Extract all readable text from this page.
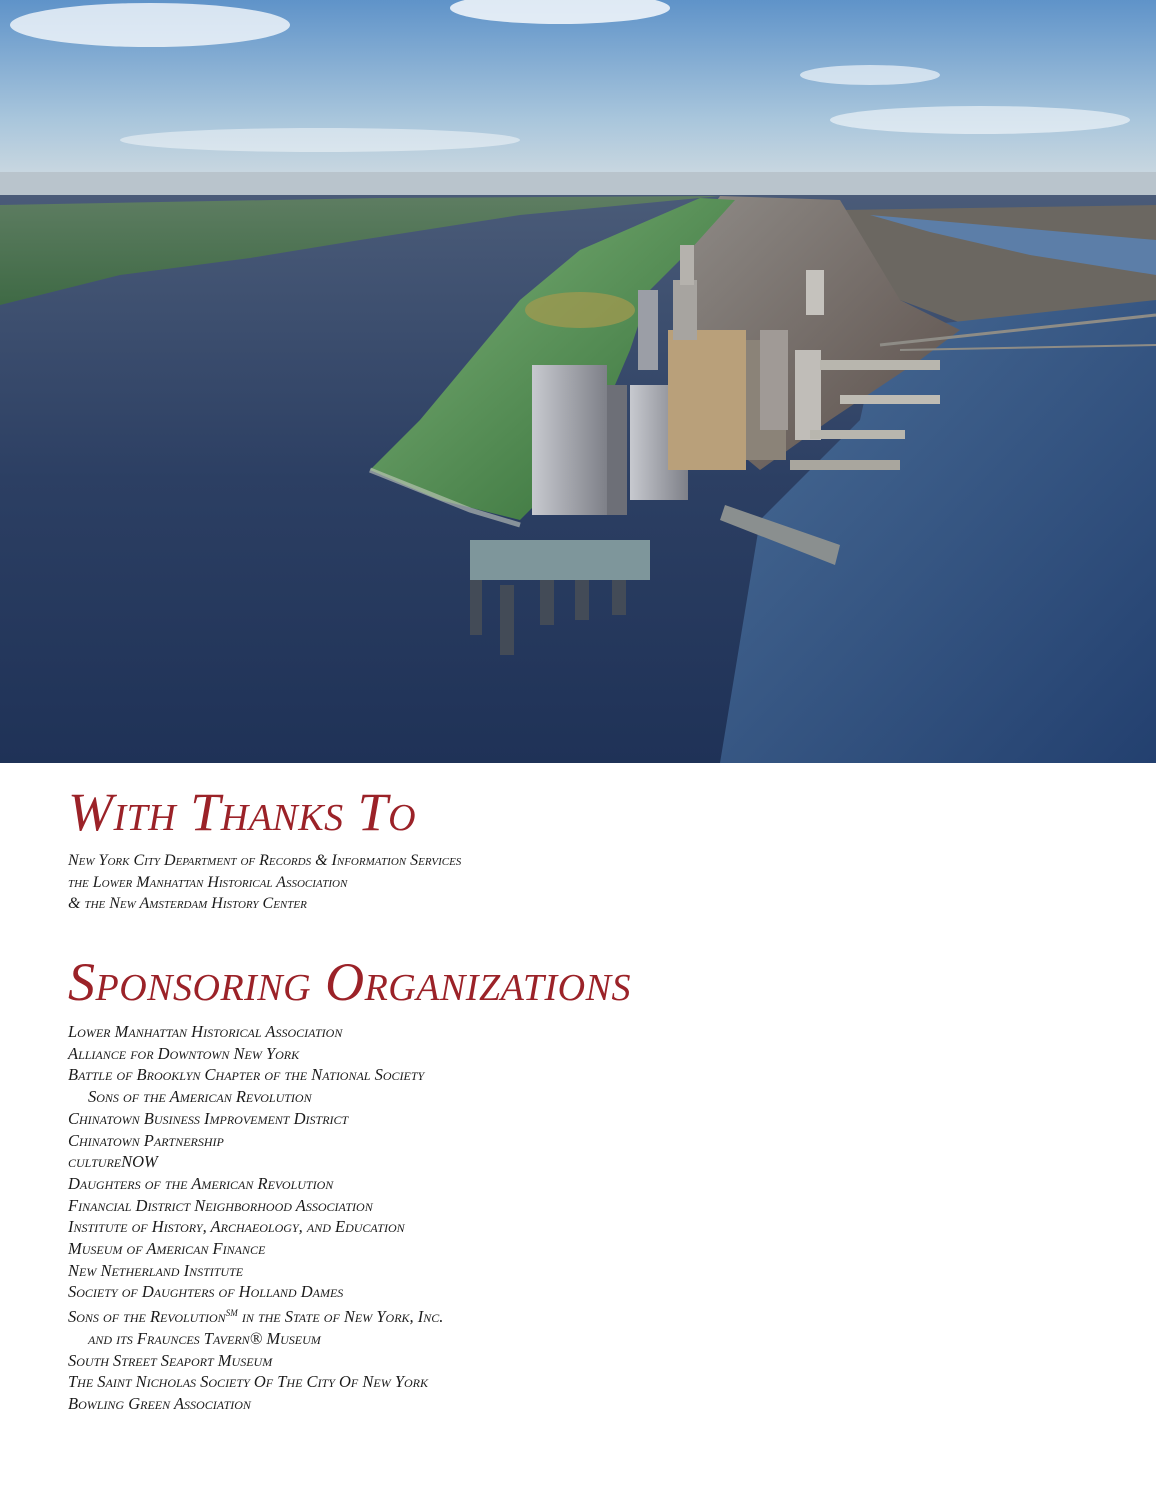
With Thanks To
New York City Department of Records & Information Services
the Lower Manhattan Historical Association
& the New Amsterdam History Center
Sponsoring Organizations
Lower Manhattan Historical Association
Alliance for Downtown New York
Battle of Brooklyn Chapter of the National Society
Sons of the American Revolution
Chinatown Business Improvement District
Chinatown Partnership
cultureNOW
Daughters of the American Revolution
Financial District Neighborhood Association
Institute of History, Archaeology, and Education
Museum of American Finance
New Netherland Institute
Society of Daughters of Holland Dames
Sons of the Revolution℠ in the State of New York, Inc.
and its Fraunces Tavern® Museum
South Street Seaport Museum
The Saint Nicholas Society Of The City Of New York
Bowling Green Association
